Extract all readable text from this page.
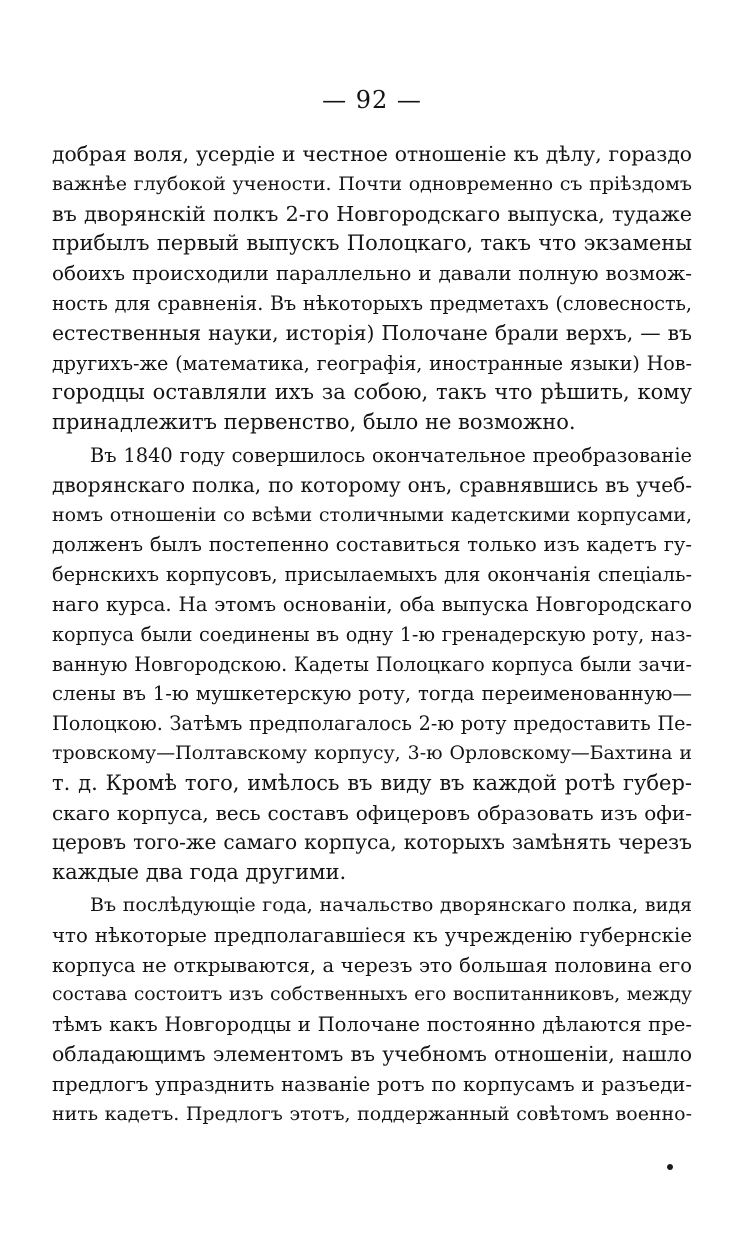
— 92 —

добрая воля, усердіе и честное отношеніе къ дѣлу, гораздо
важнѣе глубокой учености. Почти одновременно съ пріѣздомъ
въ дворянскій полкъ 2-го Новгородскаго выпуска, тудаже
прибылъ первый выпускъ Полоцкаго, такъ что экзамены
обоихъ происходили параллельно и давали полную возмож-
ность для сравненія. Въ нѣкоторыхъ предметахъ (словесность,
естественныя науки, исторія) Полочане брали верхъ, — въ
другихъ-же (математика, географія, иностранные языки) Нов-
городцы оставляли ихъ за собою, такъ что рѣшить, кому
принадлежитъ первенство, было не возможно.

Въ 1840 году совершилось окончательное преобразованіе
дворянскаго полка, по которому онъ, сравнявшись въ учеб-
номъ отношеніи со всѣми столичными кадетскими корпусами,
долженъ былъ постепенно составиться только изъ кадетъ гу-
бернскихъ корпусовъ, присылаемыхъ для окончанія спеціаль-
наго курса. На этомъ основаніи, оба выпуска Новгородскаго
корпуса были соединены въ одну 1-ю гренадерскую роту, наз-
ванную Новгородскою. Кадеты Полоцкаго корпуса были зачи-
слены въ 1-ю мушкетерскую роту, тогда переименованную—
Полоцкою. Затѣмъ предполагалось 2-ю роту предоставить Пе-
тровскому—Полтавскому корпусу, 3-ю Орловскому—Бахтина и
т. д. Кромѣ того, имѣлось въ виду въ каждой ротѣ губер-
скаго корпуса, весь составъ офицеровъ образовать изъ офи-
церовъ того-же самаго корпуса, которыхъ замѣнять черезъ
каждые два года другими.

Въ послѣдующіе года, начальство дворянскаго полка, видя
что нѣкоторые предполагавшіеся къ учрежденію губернскіе
корпуса не открываются, а черезъ это большая половина его
состава состоитъ изъ собственныхъ его воспитанниковъ, между
тѣмъ какъ Новгородцы и Полочане постоянно дѣлаются пре-
обладающимъ элементомъ въ учебномъ отношеніи, нашло
предлогъ упразднить названіе ротъ по корпусамъ и разъеди-
нить кадетъ. Предлогъ этотъ, поддержанный совѣтомъ военно-
